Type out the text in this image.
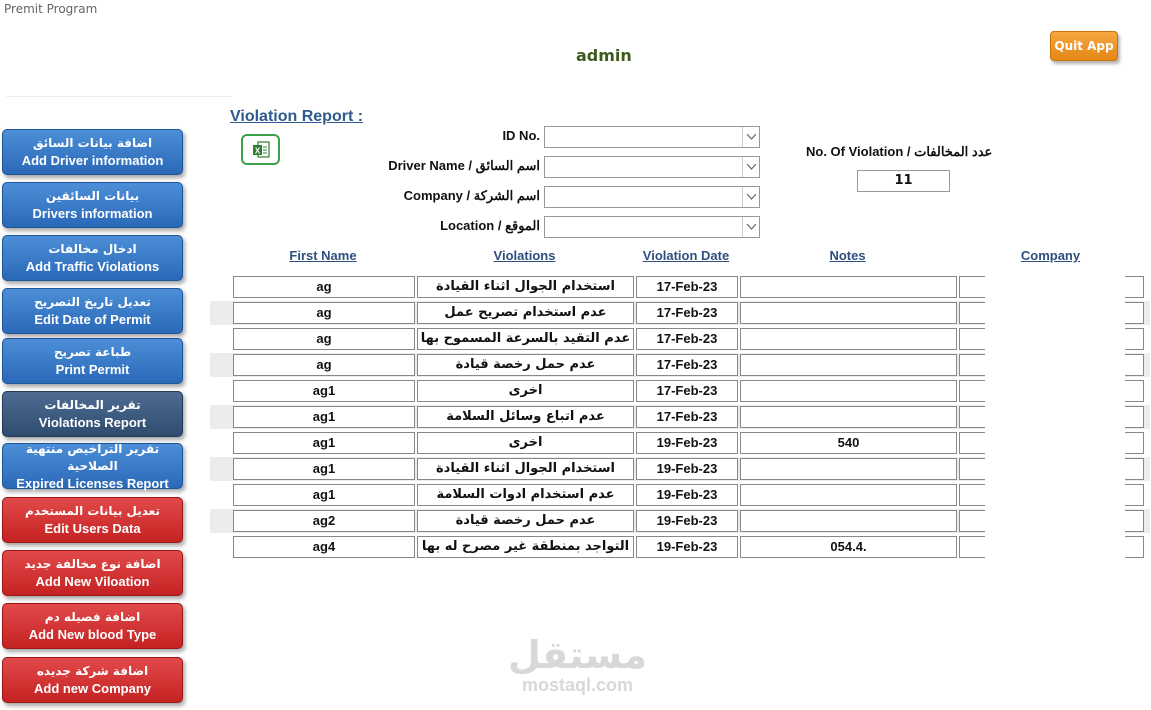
Premit Program
admin	Quit App
اضافة بيانات السائق
Add Driver information
بيانات السائقين
Drivers information
ادخال مخالفات
Add Traffic Violations
تعديل تاريخ التصريح
Edit Date of Permit
طباعة تصريح
Print Permit
تقرير المخالفات
Violations Report
تقرير التراخيص منتهية الصلاحية
Expired Licenses Report
تعديل بيانات المستخدم
Edit Users Data
اضافة نوع مخالفة جديد
Add New Viloation
اضافة فصيله دم
Add New blood Type
اضافة شركة جديده
Add new Company
Violation Report :
X
ID No.
Driver Name / اسم السائق
Company / اسم الشركة
Location / الموقع
No. Of Violation / عدد المخالفات
11
First Name	Violations	Violation Date	Notes	Company
ag	استخدام الجوال اثناء القيادة	17-Feb-23
ag	عدم استخدام تصريح عمل	17-Feb-23
ag	عدم التقيد بالسرعة المسموح بها	17-Feb-23
ag	عدم حمل رخصة قيادة	17-Feb-23
ag1	اخرى	17-Feb-23
ag1	عدم اتباع وسائل السلامة	17-Feb-23
ag1	اخرى	19-Feb-23	540
ag1	استخدام الجوال اثناء القيادة	19-Feb-23
ag1	عدم استخدام ادوات السلامة	19-Feb-23
ag2	عدم حمل رخصة قيادة	19-Feb-23
ag4	التواجد بمنطقة غير مصرح له بها	19-Feb-23	054.4.
مستقل
mostaql.com
